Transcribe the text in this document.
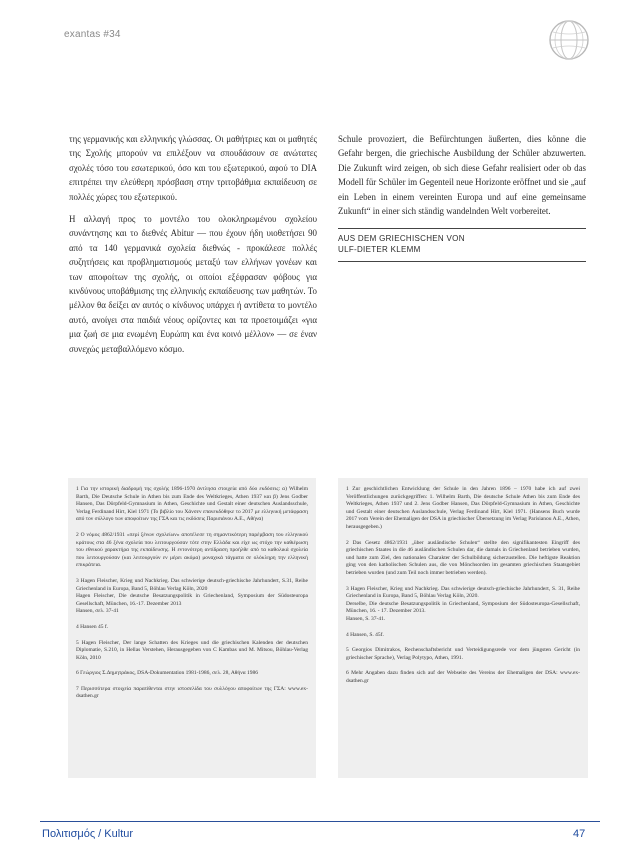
exantas #34

της γερμανικής και ελληνικής γλώσσας. Οι μαθήτριες και οι μαθητές της Σχολής μπορούν να επιλέξουν να σπουδάσουν σε ανώτατες σχολές τόσο του εσωτερικού, όσο και του εξωτερικού, αφού το DIA επιτρέπει την ελεύθερη πρόσβαση στην τριτοβάθμια εκπαίδευση σε πολλές χώρες του εξωτερικού.

Η αλλαγή προς το μοντέλο του ολοκληρωμένου σχολείου συνάντησης και το διεθνές Abitur — που έχουν ήδη υιοθετήσει 90 από τα 140 γερμανικά σχολεία διεθνώς - προκάλεσε πολλές συζητήσεις και προβληματισμούς μεταξύ των ελλήνων γονέων και των αποφοίτων της σχολής, οι οποίοι εξέφρασαν φόβους για κινδύνους υποβάθμισης της ελληνικής εκπαίδευσης των μαθητών. Το μέλλον θα δείξει αν αυτός ο κίνδυνος υπάρχει ή αντίθετα το μοντέλο αυτό, ανοίγει στα παιδιά νέους ορίζοντες και τα προετοιμάζει «για μια ζωή σε μια ενωμένη Ευρώπη και ένα κοινό μέλλον» — σε έναν συνεχώς μεταβαλλόμενο κόσμο.

Schule provoziert, die Befürchtungen äußerten, dies könne die Gefahr bergen, die griechische Ausbildung der Schüler abzuwerten. Die Zukunft wird zeigen, ob sich diese Gefahr realisiert oder ob das Modell für Schüler im Gegenteil neue Horizonte eröffnet und sie „auf ein Leben in einem vereinten Europa und auf eine gemeinsame Zukunft“ in einer sich ständig wandelnden Welt vorbereitet.

AUS DEM GRIECHISCHEN VON
ULF-DIETER KLEMM

1 Για την ιστορική διαδρομή της σχολής 1896-1970 άντλησα στοιχεία από δύο εκδόσεις: α) Wilhelm Barth, Die Deutsche Schule in Athen bis zum Ende des Weltkrieges, Athen 1937 και β) Jens Godber Hansen, Das Dörpfeld-Gymnasium in Athen, Geschichte und Gestalt einer deutschen Auslandsschule, Verlag Ferdinand Hirt, Kiel 1971 (Το βιβλίο του Χάνσεν επανεκδόθηκε το 2017 με ελληνική μετάφραση από τον σύλλογο των αποφοίτων της ΓΣΑ και τις εκδόσεις Παρισιάνου Α.Ε., Αθήνα)

2 Ο νόμος 4862/1931 «περί ξένων σχολείων» αποτέλεσε τη σημαντικότερη παρέμβαση του ελληνικού κράτους στα 46 ξένα σχολεία που λειτουργούσαν τότε στην Ελλάδα και είχε ως στόχο την καθιέρωση του εθνικού χαρακτήρα της εκπαίδευσης. Η εντονότερη αντίδραση προήλθε από τα καθολικά σχολεία που λειτουργούσαν (και λειτουργούν εν μέρει ακόμα) μοναχικά τάγματα σε ολόκληρη την ελληνική επικράτεια.

3 Hagen Fleischer, Krieg und Nachkrieg. Das schwierige deutsch-griechische Jahrhundert, S.31, Reihe Griechenland in Europa, Band 5, Böhlau Verlag Köln, 2020
Hagen Fleischer, Die deutsche Besatzungspolitik in Griechenland, Symposium der Südosteuropa Gesellschaft, München, 16.-17. Dezember 2013
Hansen, σελ. 37-41

4 Hansen 45 f.

5 Hagen Fleischer, Der lange Schatten des Krieges und die griechischen Kalenden der deutschen Diplomatie, S.210, in Hellas Verstehen, Herausgegeben von C Kambas und M. Mitsou, Böhlau-Verlag Köln, 2010

6 Γεώργιος Σ.Δημητράκος, DSA-Dokumentation 1981-1986, σελ. 28, Αθήνα 1986

7 Περισσότερα στοιχεία παρατίθενται στην ιστοσελίδα του συλλόγου αποφοίτων της ΓΣΑ: www.ex-dsathen.gr

1 Zur geschichtlichen Entwicklung der Schule in den Jahren 1896 – 1970 habe ich auf zwei Veröffentlichungen zurückgegriffen: 1. Wilhelm Barth, Die deutsche Schule Athen bis zum Ende des Weltkrieges, Athen 1937 und 2. Jens Godber Hansen, Das Dörpfeld-Gymnasium in Athen, Geschichte und Gestalt einer deutschen Auslandsschule, Verlag Ferdinand Hirt, Kiel 1971. (Hansens Buch wurde 2017 vom Verein der Ehemaligen der DSA in griechischer Übersetzung im Verlag Parisianou A.E., Athen, herausgegeben.)

2 Das Gesetz 4862/1931 „über ausländische Schulen“ stellte den signifikantesten Eingriff des griechischen Staates in die 46 ausländischen Schulen dar, die damals in Griechenland betrieben wurden, und hatte zum Ziel, den nationalen Charakter der Schulbildung sicherzustellen. Die heftigste Reaktion ging von den katholischen Schulen aus, die von Mönchsorden im gesamten griechischen Staatsgebiet betrieben wurden (und zum Teil noch immer betrieben werden).

3 Hagen Fleischer, Krieg und Nachkrieg. Das schwierige deutsch-griechische Jahrhundert, S. 31, Reihe Griechenland in Europa, Band 5, Böhlau Verlag Köln, 2020.
Derselbe, Die deutsche Besatzungspolitik in Griechenland, Symposium der Südosteuropa-Gesellschaft, München, 16. - 17. Dezember 2013.
Hansen, S. 37-41.

4 Hansen, S. 45f.

5 Georgios Dimitrakos, Rechenschaftsbericht und Verteidigungsrede vor dem jüngsten Gericht (in griechischer Sprache), Verlag Polytypo, Athen, 1991.

6 Mehr Angaben dazu finden sich auf der Webseite des Vereins der Ehemaligen der DSA: www.ex-dsathen.gr

Πολιτισμός / Kultur	47
